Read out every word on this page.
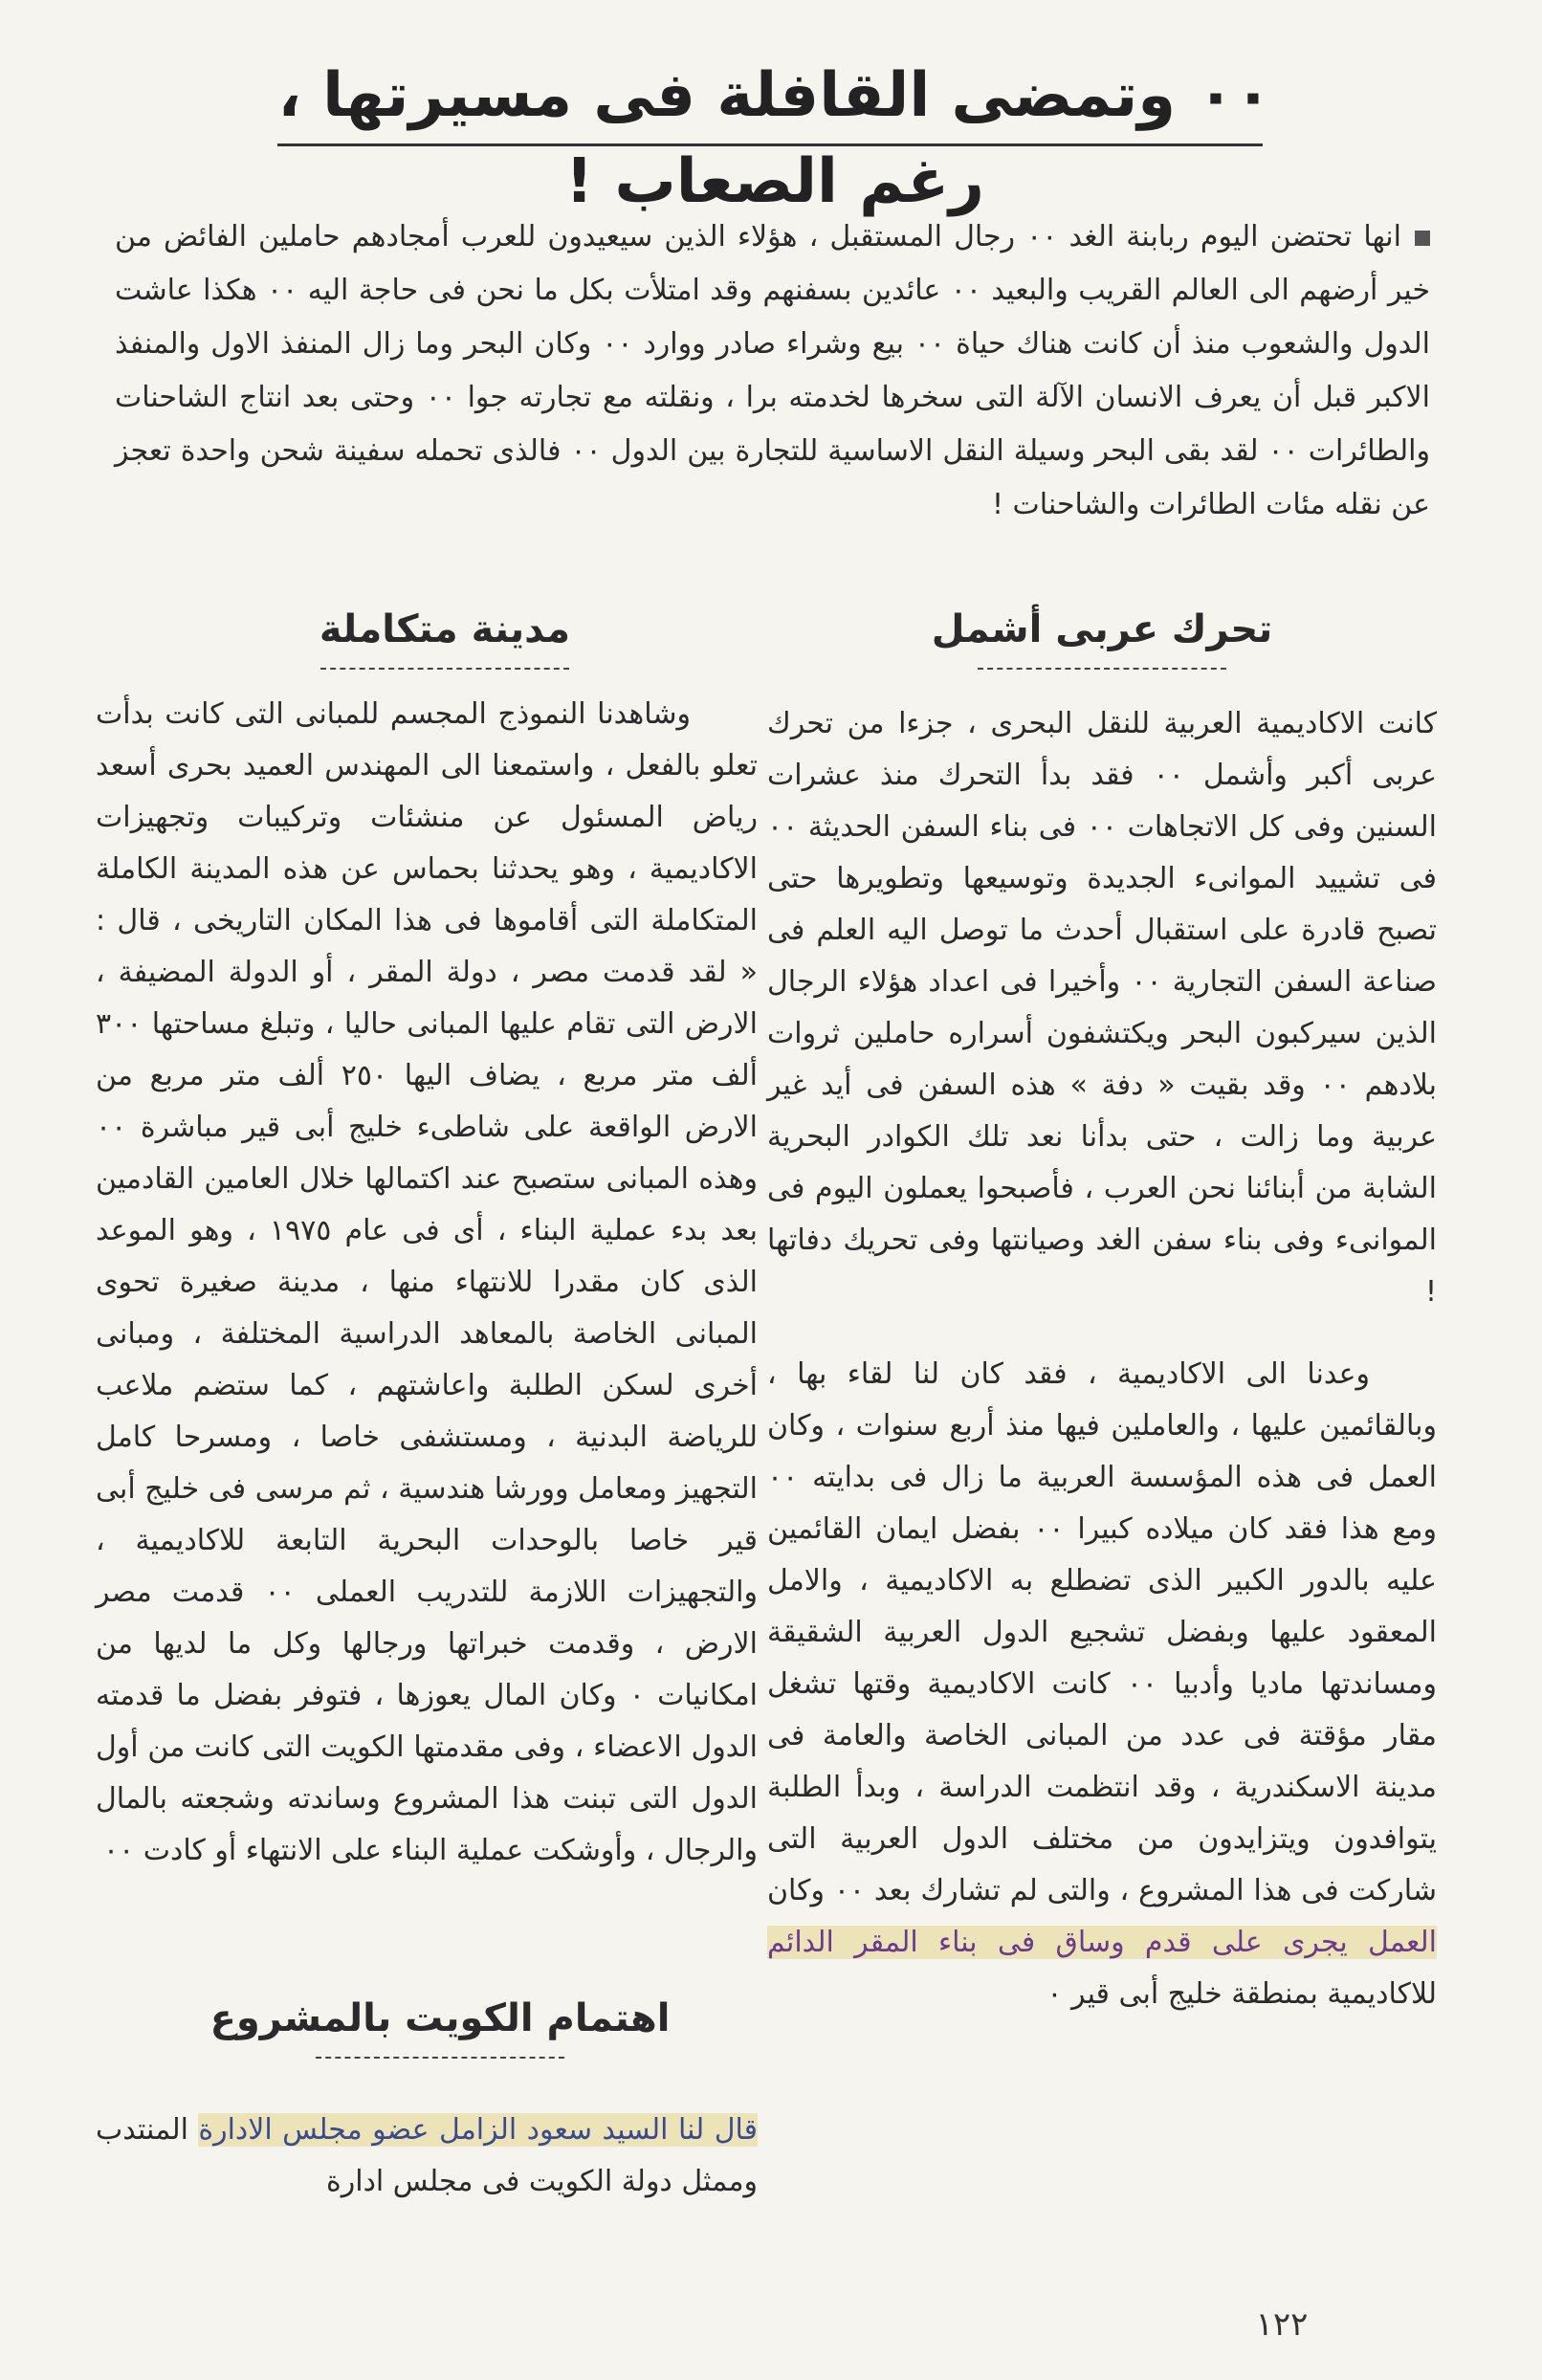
٠٠ وتمضى القافلة فى مسيرتها ، رغم الصعاب !
انها تحتضن اليوم ربابنة الغد ٠٠ رجال المستقبل ، هؤلاء الذين سيعيدون للعرب أمجادهم حاملين الفائض من خير أرضهم الى العالم القريب والبعيد ٠٠ عائدين بسفنهم وقد امتلأت بكل ما نحن فى حاجة اليه ٠٠ هكذا عاشت الدول والشعوب منذ أن كانت هناك حياة ٠٠ بيع وشراء صادر ووارد ٠٠ وكان البحر وما زال المنفذ الاول والمنفذ الاكبر قبل أن يعرف الانسان الآلة التى سخرها لخدمته برا ، ونقلته مع تجارته جوا ٠٠ وحتى بعد انتاج الشاحنات والطائرات ٠٠ لقد بقى البحر وسيلة النقل الاساسية للتجارة بين الدول ٠٠ فالذى تحمله سفينة شحن واحدة تعجز عن نقله مئات الطائرات والشاحنات !
تحرك عربى أشمل
مدينة متكاملة

كانت الاكاديمية العربية للنقل البحرى ، جزءا من تحرك عربى أكبر وأشمل ٠٠ فقد بدأ التحرك منذ عشرات السنين وفى كل الاتجاهات ٠٠ فى بناء السفن الحديثة ٠٠ فى تشييد الموانىء الجديدة وتوسيعها وتطويرها حتى تصبح قادرة على استقبال أحدث ما توصل اليه العلم فى صناعة السفن التجارية ٠٠ وأخيرا فى اعداد هؤلاء الرجال الذين سيركبون البحر ويكتشفون أسراره حاملين ثروات بلادهم ٠٠ وقد بقيت « دفة » هذه السفن فى أيد غير عربية وما زالت ، حتى بدأنا نعد تلك الكوادر البحرية الشابة من أبنائنا نحن العرب ، فأصبحوا يعملون اليوم فى الموانىء وفى بناء سفن الغد وصيانتها وفى تحريك دفاتها !

وعدنا الى الاكاديمية ، فقد كان لنا لقاء بها ، وبالقائمين عليها ، والعاملين فيها منذ أربع سنوات ، وكان العمل فى هذه المؤسسة العربية ما زال فى بدايته ٠٠ ومع هذا فقد كان ميلاده كبيرا ٠٠ بفضل ايمان القائمين عليه بالدور الكبير الذى تضطلع به الاكاديمية ، والامل المعقود عليها وبفضل تشجيع الدول العربية الشقيقة ومساندتها ماديا وأدبيا ٠٠ كانت الاكاديمية وقتها تشغل مقار مؤقتة فى عدد من المبانى الخاصة والعامة فى مدينة الاسكندرية ، وقد انتظمت الدراسة ، وبدأ الطلبة يتوافدون ويتزايدون من مختلف الدول العربية التى شاركت فى هذا المشروع ، والتى لم تشارك بعد ٠٠ وكان العمل يجرى على قدم وساق فى بناء المقر الدائم للاكاديمية بمنطقة خليج أبى قير ٠

وشاهدنا النموذج المجسم للمبانى التى كانت بدأت تعلو بالفعل ، واستمعنا الى المهندس العميد بحرى أسعد رياض المسئول عن منشئات وتركيبات وتجهيزات الاكاديمية ، وهو يحدثنا بحماس عن هذه المدينة الكاملة المتكاملة التى أقاموها فى هذا المكان التاريخى ، قال : « لقد قدمت مصر ، دولة المقر ، أو الدولة المضيفة ، الارض التى تقام عليها المبانى حاليا ، وتبلغ مساحتها ٣٠٠ ألف متر مربع ، يضاف اليها ٢٥٠ ألف متر مربع من الارض الواقعة على شاطىء خليج أبى قير مباشرة ٠٠ وهذه المبانى ستصبح عند اكتمالها خلال العامين القادمين بعد بدء عملية البناء ، أى فى عام ١٩٧٥ ، وهو الموعد الذى كان مقدرا للانتهاء منها ، مدينة صغيرة تحوى المبانى الخاصة بالمعاهد الدراسية المختلفة ، ومبانى أخرى لسكن الطلبة واعاشتهم ، كما ستضم ملاعب للرياضة البدنية ، ومستشفى خاصا ، ومسرحا كامل التجهيز ومعامل وورشا هندسية ، ثم مرسى فى خليج أبى قير خاصا بالوحدات البحرية التابعة للاكاديمية ، والتجهيزات اللازمة للتدريب العملى ٠٠ قدمت مصر الارض ، وقدمت خبراتها ورجالها وكل ما لديها من امكانيات ٠ وكان المال يعوزها ، فتوفر بفضل ما قدمته الدول الاعضاء ، وفى مقدمتها الكويت التى كانت من أول الدول التى تبنت هذا المشروع وساندته وشجعته بالمال والرجال ، وأوشكت عملية البناء على الانتهاء أو كادت ٠٠

اهتمام الكويت بالمشروع
قال لنا السيد سعود الزامل عضو مجلس الادارة المنتدب وممثل دولة الكويت فى مجلس ادارة
١٢٢
